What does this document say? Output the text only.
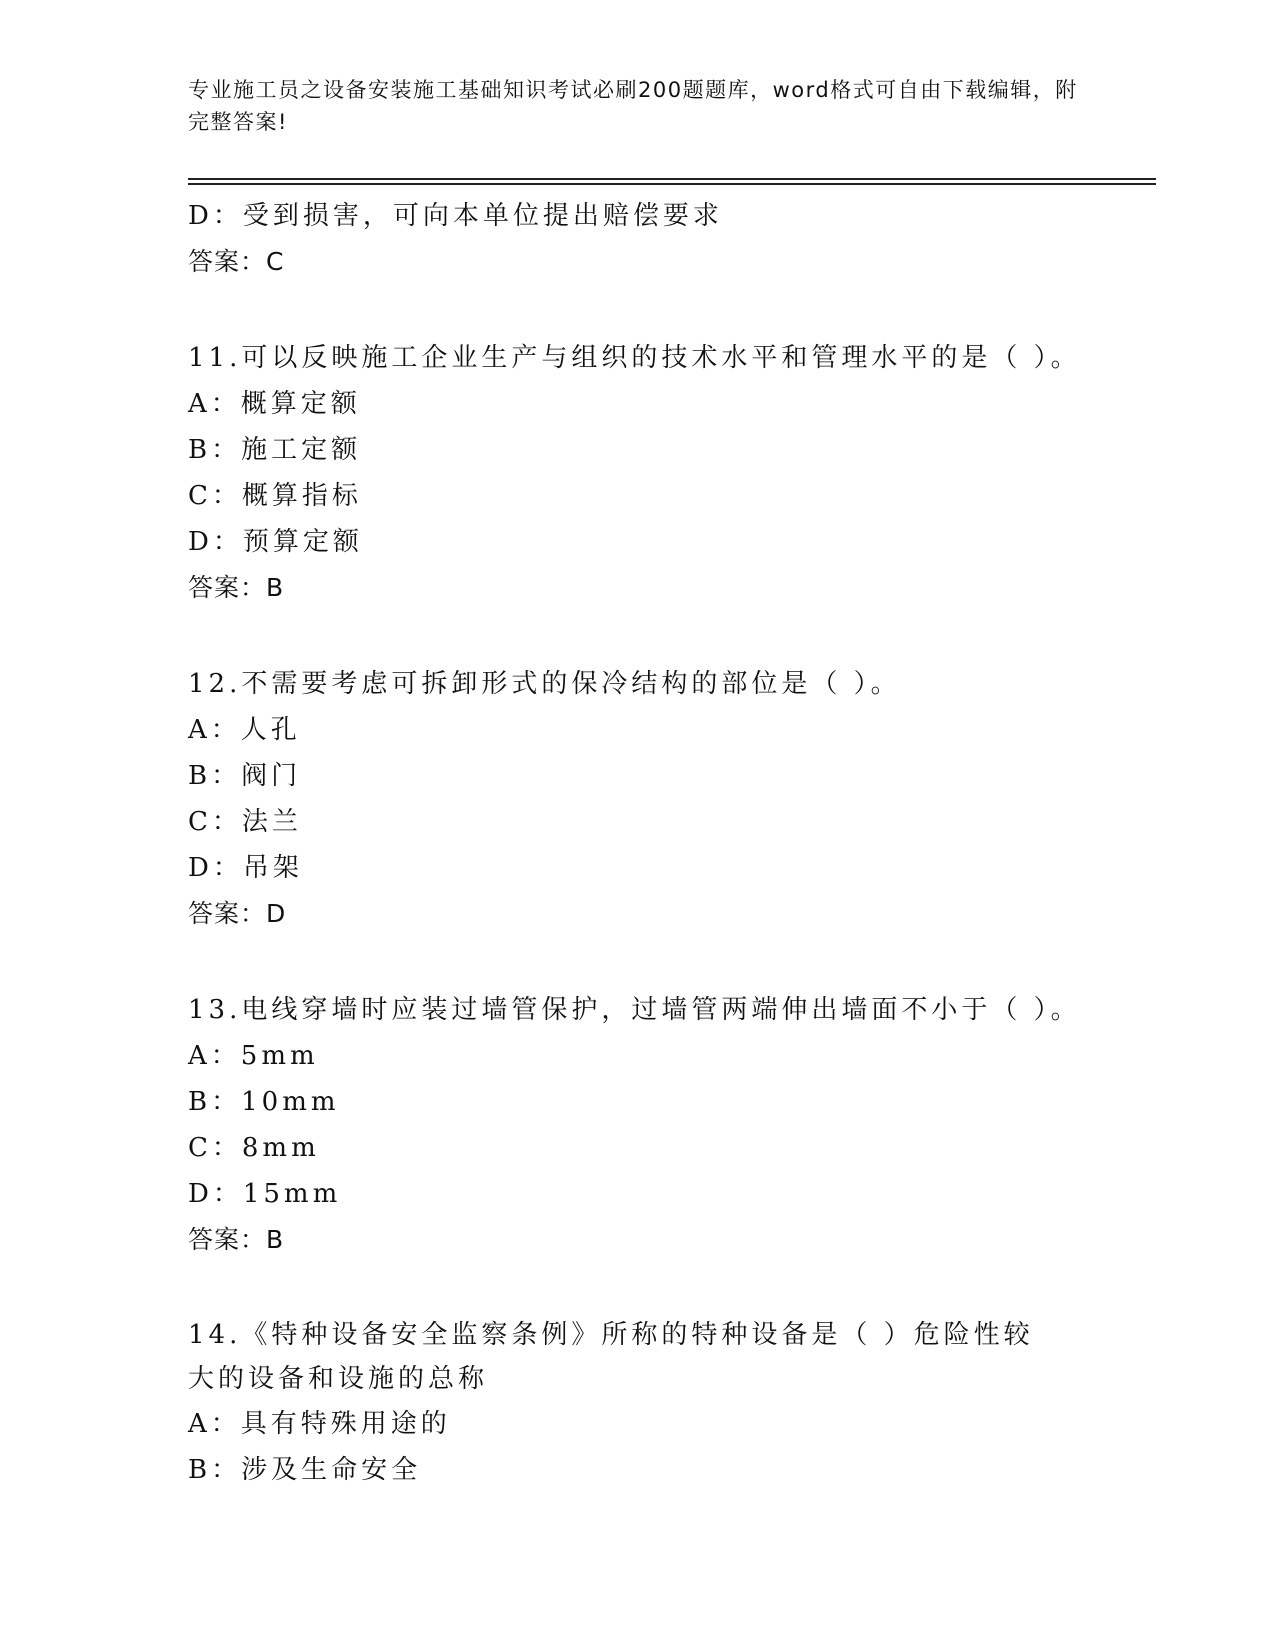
专业施工员之设备安装施工基础知识考试必刷200题题库，word格式可自由下载编辑，附完整答案!
D：受到损害，可向本单位提出赔偿要求
答案：C
11.可以反映施工企业生产与组织的技术水平和管理水平的是（ ）。
A：概算定额
B：施工定额
C：概算指标
D：预算定额
答案：B
12.不需要考虑可拆卸形式的保冷结构的部位是（ ）。
A：人孔
B：阀门
C：法兰
D：吊架
答案：D
13.电线穿墙时应装过墙管保护，过墙管两端伸出墙面不小于（ ）。
A：5mm
B：10mm
C：8mm
D：15mm
答案：B
14.《特种设备安全监察条例》所称的特种设备是（ ）危险性较大的设备和设施的总称
A：具有特殊用途的
B：涉及生命安全
